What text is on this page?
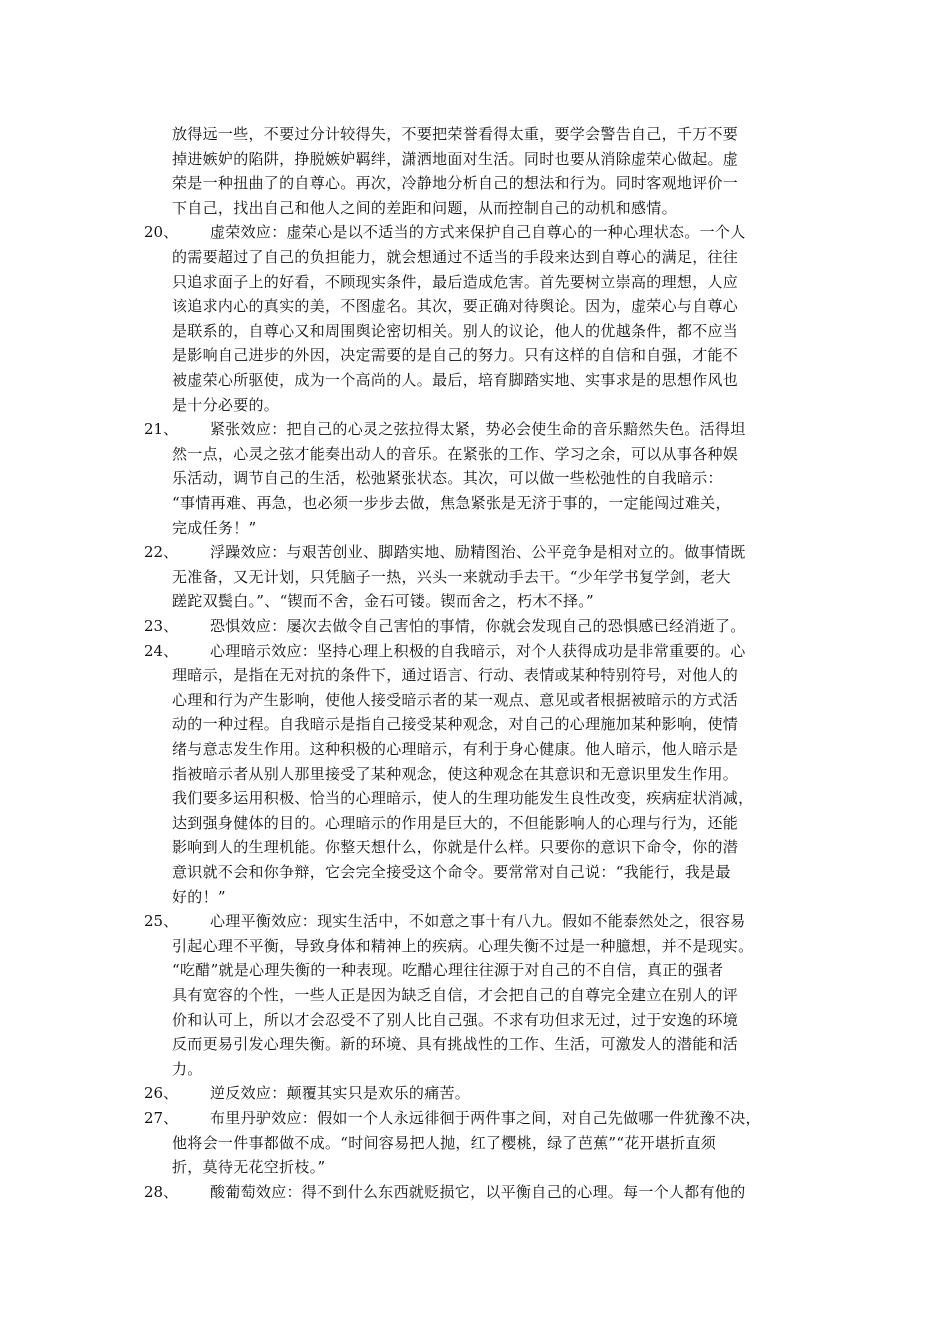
放得远一些，不要过分计较得失，不要把荣誉看得太重，要学会警告自己，千万不要
掉进嫉妒的陷阱，挣脱嫉妒羁绊，潇洒地面对生活。同时也要从消除虚荣心做起。虚
荣是一种扭曲了的自尊心。再次，冷静地分析自己的想法和行为。同时客观地评价一
下自己，找出自己和他人之间的差距和问题，从而控制自己的动机和感情。
20、 虚荣效应：虚荣心是以不适当的方式来保护自己自尊心的一种心理状态。一个人
的需要超过了自己的负担能力，就会想通过不适当的手段来达到自尊心的满足，往往
只追求面子上的好看，不顾现实条件，最后造成危害。首先要树立崇高的理想，人应
该追求内心的真实的美，不图虚名。其次，要正确对待舆论。因为，虚荣心与自尊心
是联系的，自尊心又和周围舆论密切相关。别人的议论，他人的优越条件，都不应当
是影响自己进步的外因，决定需要的是自己的努力。只有这样的自信和自强，才能不
被虚荣心所驱使，成为一个高尚的人。最后，培育脚踏实地、实事求是的思想作风也
是十分必要的。
21、 紧张效应：把自己的心灵之弦拉得太紧，势必会使生命的音乐黯然失色。活得坦
然一点，心灵之弦才能奏出动人的音乐。在紧张的工作、学习之余，可以从事各种娱
乐活动，调节自己的生活，松弛紧张状态。其次，可以做一些松弛性的自我暗示：
“事情再难、再急，也必须一步步去做，焦急紧张是无济于事的，一定能闯过难关，
完成任务！”
22、 浮躁效应：与艰苦创业、脚踏实地、励精图治、公平竞争是相对立的。做事情既
无准备，又无计划，只凭脑子一热，兴头一来就动手去干。“少年学书复学剑，老大
蹉跎双鬓白。”、“锲而不舍，金石可镂。锲而舍之，朽木不择。”
23、 恐惧效应：屡次去做令自己害怕的事情，你就会发现自己的恐惧感已经消逝了。
24、 心理暗示效应：坚持心理上积极的自我暗示，对个人获得成功是非常重要的。心
理暗示，是指在无对抗的条件下，通过语言、行动、表情或某种特别符号，对他人的
心理和行为产生影响，使他人接受暗示者的某一观点、意见或者根据被暗示的方式活
动的一种过程。自我暗示是指自己接受某种观念，对自己的心理施加某种影响，使情
绪与意志发生作用。这种积极的心理暗示，有利于身心健康。他人暗示，他人暗示是
指被暗示者从别人那里接受了某种观念，使这种观念在其意识和无意识里发生作用。
我们要多运用积极、恰当的心理暗示，使人的生理功能发生良性改变，疾病症状消减，
达到强身健体的目的。心理暗示的作用是巨大的，不但能影响人的心理与行为，还能
影响到人的生理机能。你整天想什么，你就是什么样。只要你的意识下命令，你的潜
意识就不会和你争辩，它会完全接受这个命令。要常常对自己说：“我能行，我是最
好的！”
25、 心理平衡效应：现实生活中，不如意之事十有八九。假如不能泰然处之，很容易
引起心理不平衡，导致身体和精神上的疾病。心理失衡不过是一种臆想，并不是现实。
“吃醋”就是心理失衡的一种表现。吃醋心理往往源于对自己的不自信，真正的强者
具有宽容的个性，一些人正是因为缺乏自信，才会把自己的自尊完全建立在别人的评
价和认可上，所以才会忍受不了别人比自己强。不求有功但求无过，过于安逸的环境
反而更易引发心理失衡。新的环境、具有挑战性的工作、生活，可激发人的潜能和活
力。
26、 逆反效应：颠覆其实只是欢乐的痛苦。
27、 布里丹驴效应：假如一个人永远徘徊于两件事之间，对自己先做哪一件犹豫不决，
他将会一件事都做不成。“时间容易把人抛，红了樱桃，绿了芭蕉”“花开堪折直须
折，莫待无花空折枝。”
28、 酸葡萄效应：得不到什么东西就贬损它，以平衡自己的心理。每一个人都有他的
